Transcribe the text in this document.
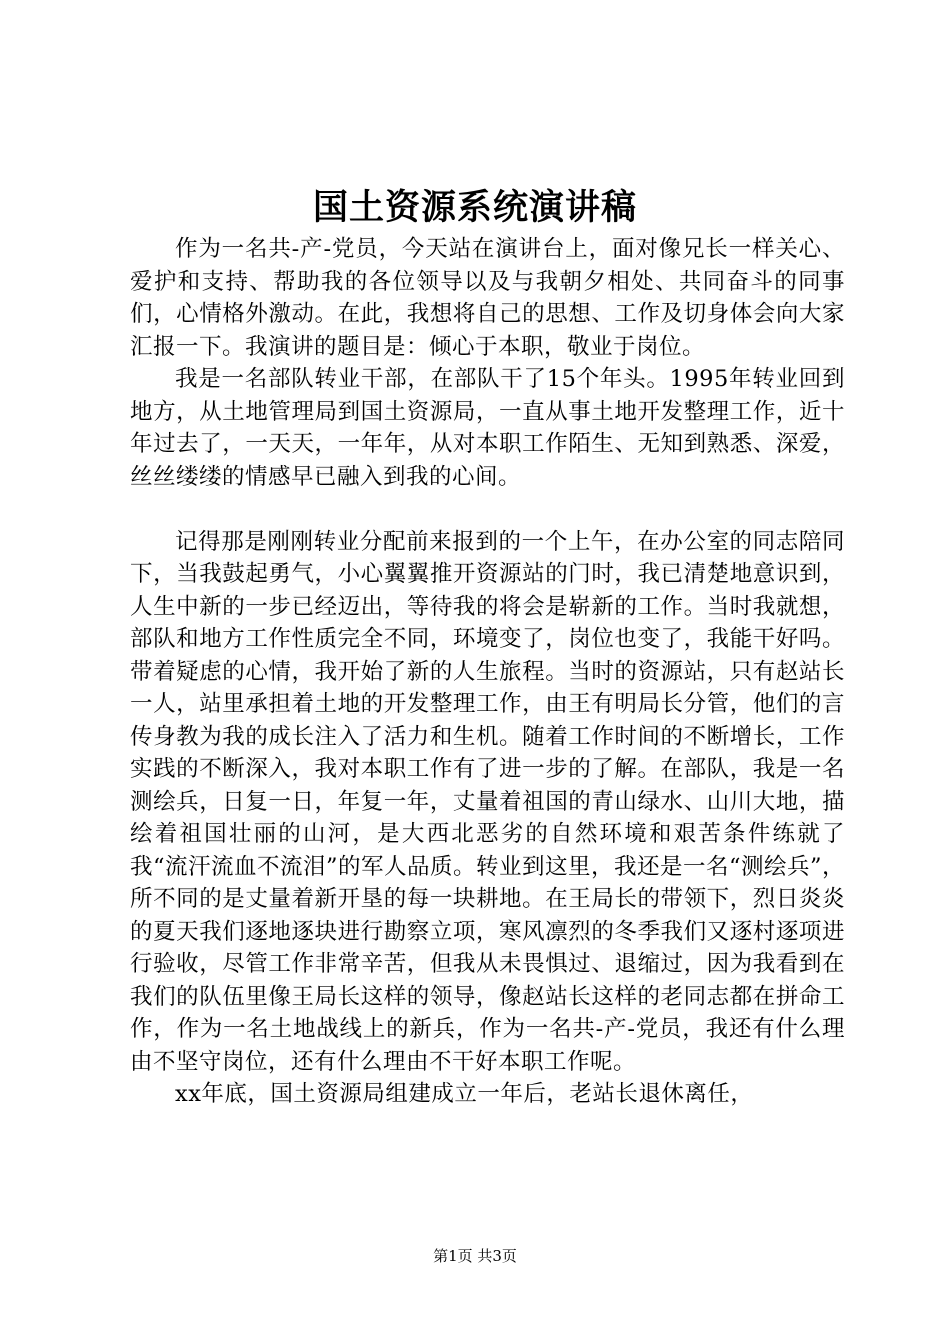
国土资源系统演讲稿

作为一名共-产-党员，今天站在演讲台上，面对像兄长一样关心、爱护和支持、帮助我的各位领导以及与我朝夕相处、共同奋斗的同事们，心情格外激动。在此，我想将自己的思想、工作及切身体会向大家汇报一下。我演讲的题目是：倾心于本职，敬业于岗位。

我是一名部队转业干部，在部队干了15个年头。1995年转业回到地方，从土地管理局到国土资源局，一直从事土地开发整理工作，近十年过去了，一天天，一年年，从对本职工作陌生、无知到熟悉、深爱，丝丝缕缕的情感早已融入到我的心间。

记得那是刚刚转业分配前来报到的一个上午，在办公室的同志陪同下，当我鼓起勇气，小心翼翼推开资源站的门时，我已清楚地意识到，人生中新的一步已经迈出，等待我的将会是崭新的工作。当时我就想，部队和地方工作性质完全不同，环境变了，岗位也变了，我能干好吗。带着疑虑的心情，我开始了新的人生旅程。当时的资源站，只有赵站长一人，站里承担着土地的开发整理工作，由王有明局长分管，他们的言传身教为我的成长注入了活力和生机。随着工作时间的不断增长，工作实践的不断深入，我对本职工作有了进一步的了解。在部队，我是一名测绘兵，日复一日，年复一年，丈量着祖国的青山绿水、山川大地，描绘着祖国壮丽的山河，是大西北恶劣的自然环境和艰苦条件练就了我“流汗流血不流泪”的军人品质。转业到这里，我还是一名“测绘兵”，所不同的是丈量着新开垦的每一块耕地。在王局长的带领下，烈日炎炎的夏天我们逐地逐块进行勘察立项，寒风凛烈的冬季我们又逐村逐项进行验收，尽管工作非常辛苦，但我从未畏惧过、退缩过，因为我看到在我们的队伍里像王局长这样的领导，像赵站长这样的老同志都在拼命工作，作为一名土地战线上的新兵，作为一名共-产-党员，我还有什么理由不坚守岗位，还有什么理由不干好本职工作呢。

xx年底，国土资源局组建成立一年后，老站长退休离任，

第1页 共3页
